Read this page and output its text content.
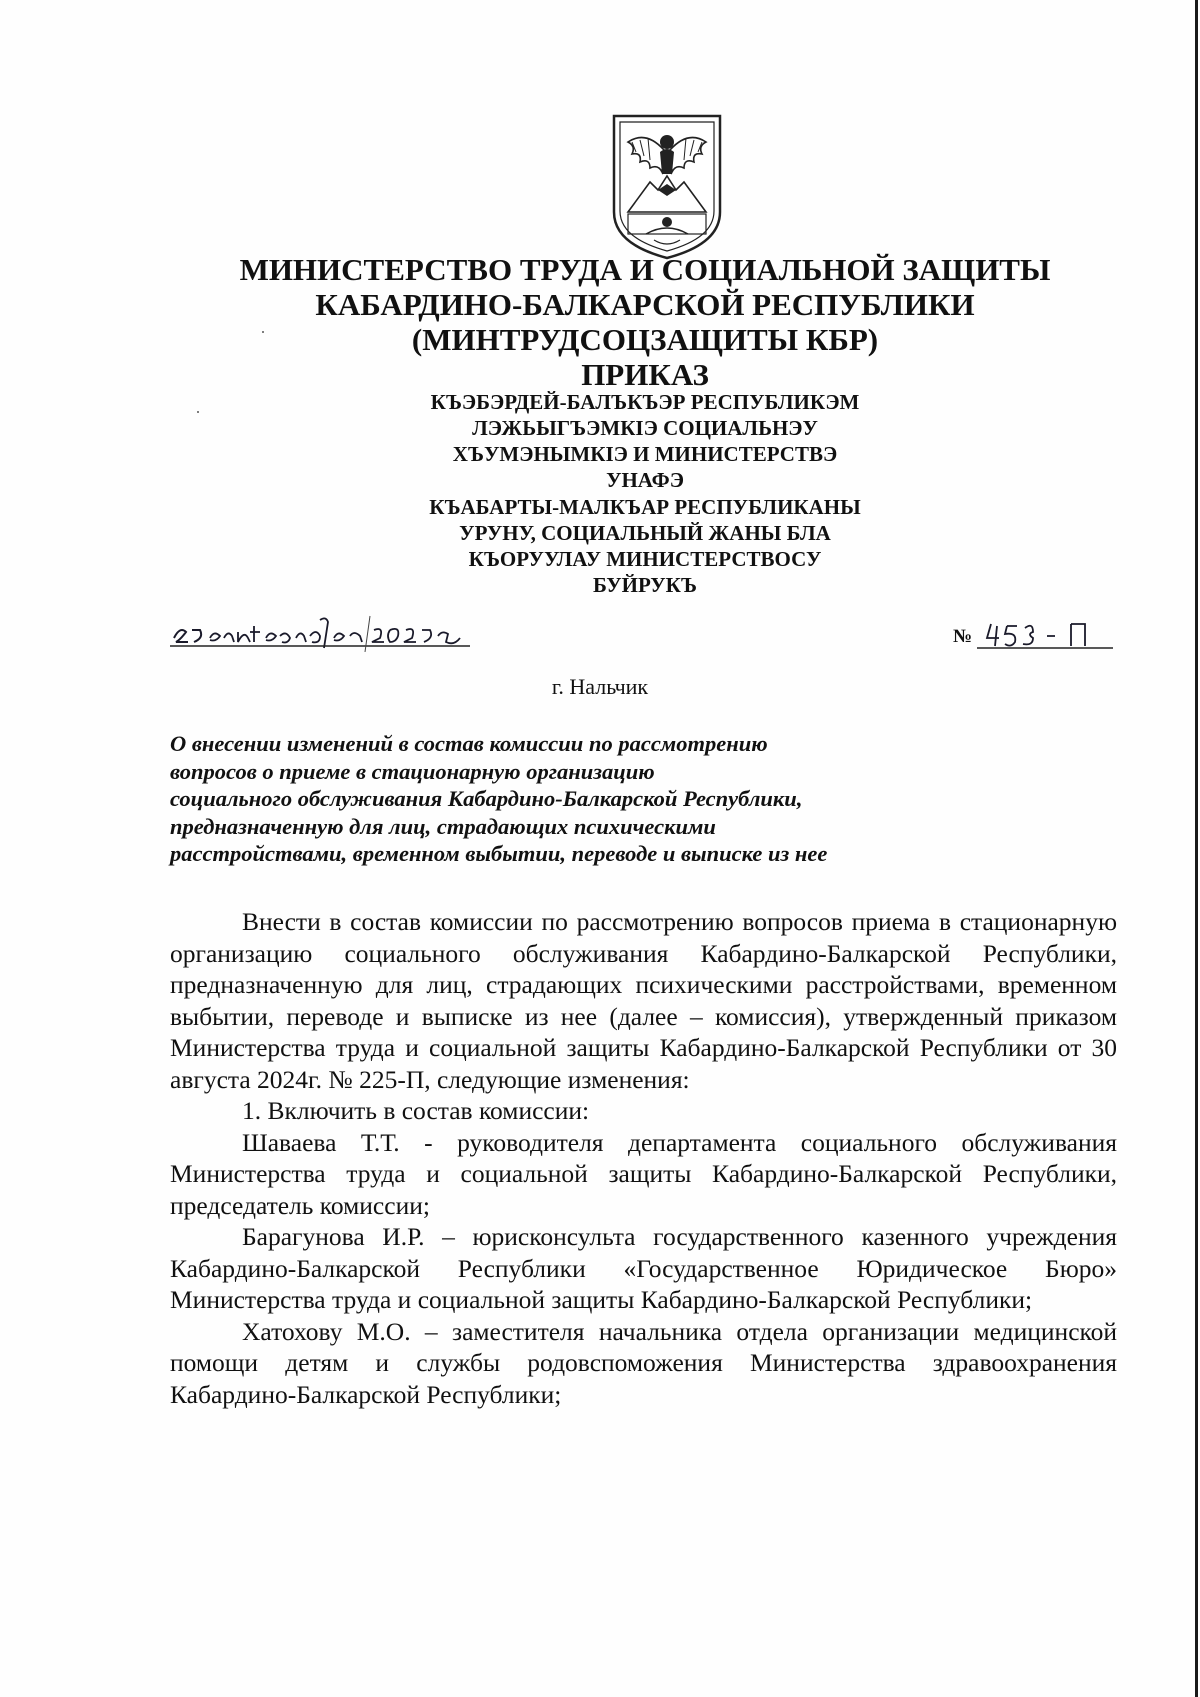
МИНИСТЕРСТВО ТРУДА И СОЦИАЛЬНОЙ ЗАЩИТЫ
КАБАРДИНО-БАЛКАРСКОЙ РЕСПУБЛИКИ
(МИНТРУДСОЦЗАЩИТЫ КБР)
ПРИКАЗ
КЪЭБЭРДЕЙ-БАЛЪКЪЭР РЕСПУБЛИКЭМ
ЛЭЖЬЫГЪЭМКIЭ СОЦИАЛЬНЭУ
ХЪУМЭНЫМКIЭ И МИНИСТЕРСТВЭ
УНАФЭ
КЪАБАРТЫ-МАЛКЪАР РЕСПУБЛИКАНЫ
УРУНУ, СОЦИАЛЬНЫЙ ЖАНЫ БЛА
КЪОРУУЛАУ МИНИСТЕРСТВОСУ
БУЙРУКЪ
№
г. Нальчик
О внесении изменений в состав комиссии по рассмотрению
вопросов о приеме в стационарную организацию
социального обслуживания Кабардино-Балкарской Республики,
предназначенную для лиц, страдающих психическими
расстройствами, временном выбытии, переводе и выписке из нее

Внести в состав комиссии по рассмотрению вопросов приема в стационарную организацию социального обслуживания Кабардино-Балкарской Республики, предназначенную для лиц, страдающих психическими расстройствами, временном выбытии, переводе и выписке из нее (далее – комиссия), утвержденный приказом Министерства труда и социальной защиты Кабардино-Балкарской Республики от 30 августа 2024г. № 225-П, следующие изменения:

1. Включить в состав комиссии:

Шаваева Т.Т. - руководителя департамента социального обслуживания Министерства труда и социальной защиты Кабардино-Балкарской Республики, председатель комиссии;

Барагунова И.Р. – юрисконсульта государственного казенного учреждения Кабардино-Балкарской Республики «Государственное Юридическое Бюро» Министерства труда и социальной защиты Кабардино-Балкарской Республики;

Хатохову М.О. – заместителя начальника отдела организации медицинской помощи детям и службы родовспоможения Министерства здравоохранения Кабардино-Балкарской Республики;
